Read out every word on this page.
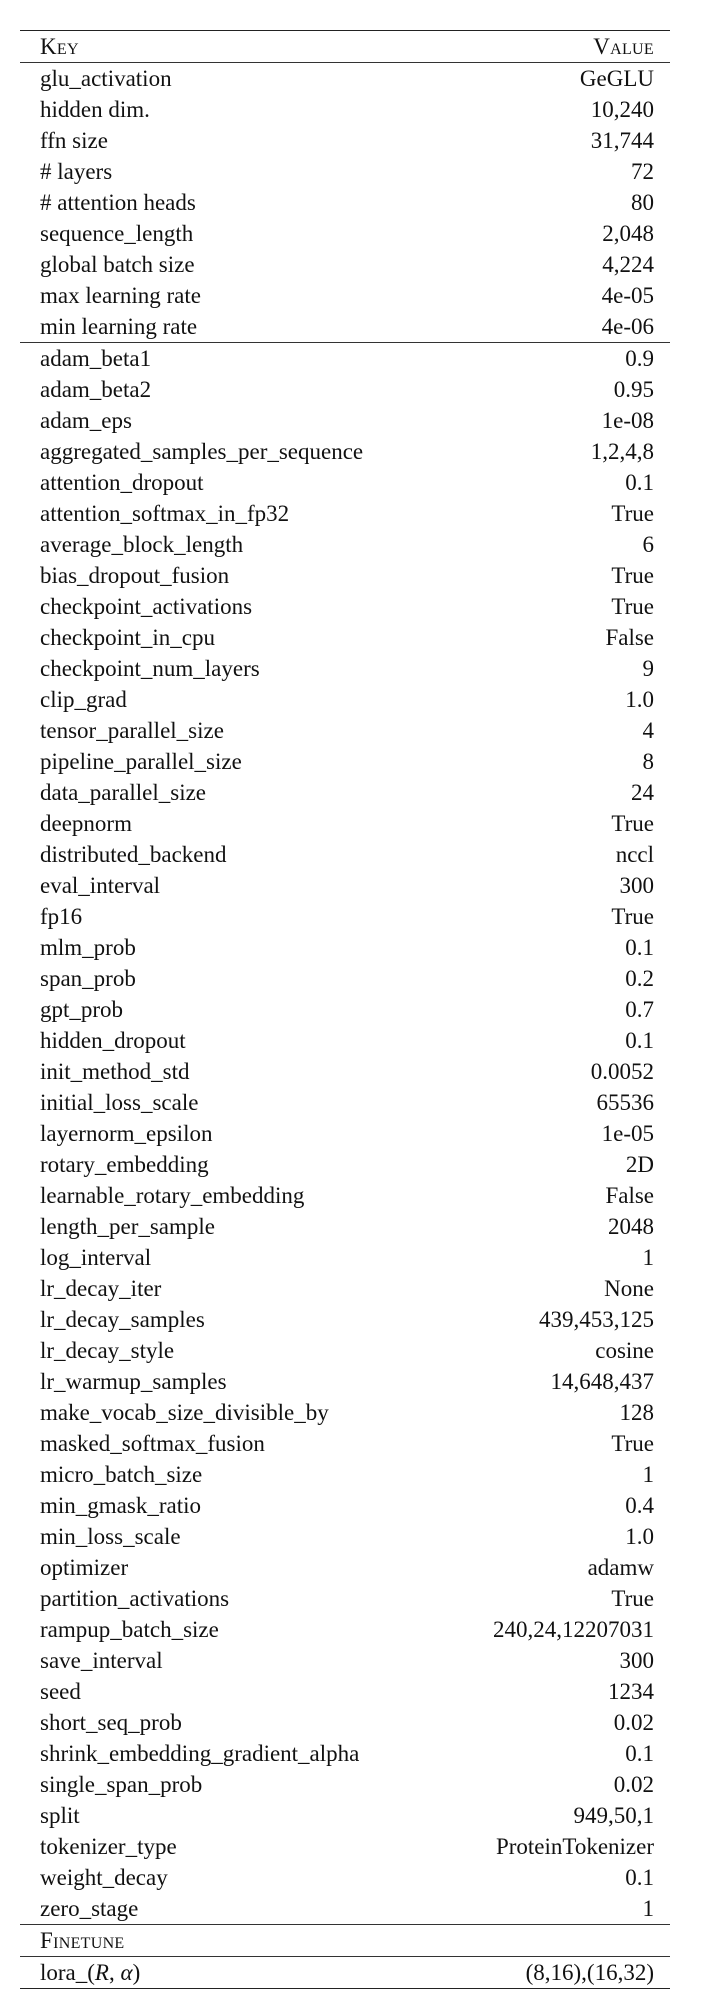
Key	Value
glu_activation	GeGLU
hidden dim.	10,240
ffn size	31,744
# layers	72
# attention heads	80
sequence_length	2,048
global batch size	4,224
max learning rate	4e-05
min learning rate	4e-06
adam_beta1	0.9
adam_beta2	0.95
adam_eps	1e-08
aggregated_samples_per_sequence	1,2,4,8
attention_dropout	0.1
attention_softmax_in_fp32	True
average_block_length	6
bias_dropout_fusion	True
checkpoint_activations	True
checkpoint_in_cpu	False
checkpoint_num_layers	9
clip_grad	1.0
tensor_parallel_size	4
pipeline_parallel_size	8
data_parallel_size	24
deepnorm	True
distributed_backend	nccl
eval_interval	300
fp16	True
mlm_prob	0.1
span_prob	0.2
gpt_prob	0.7
hidden_dropout	0.1
init_method_std	0.0052
initial_loss_scale	65536
layernorm_epsilon	1e-05
rotary_embedding	2D
learnable_rotary_embedding	False
length_per_sample	2048
log_interval	1
lr_decay_iter	None
lr_decay_samples	439,453,125
lr_decay_style	cosine
lr_warmup_samples	14,648,437
make_vocab_size_divisible_by	128
masked_softmax_fusion	True
micro_batch_size	1
min_gmask_ratio	0.4
min_loss_scale	1.0
optimizer	adamw
partition_activations	True
rampup_batch_size	240,24,12207031
save_interval	300
seed	1234
short_seq_prob	0.02
shrink_embedding_gradient_alpha	0.1
single_span_prob	0.02
split	949,50,1
tokenizer_type	ProteinTokenizer
weight_decay	0.1
zero_stage	1
Finetune
lora_(R, α)	(8,16),(16,32)
